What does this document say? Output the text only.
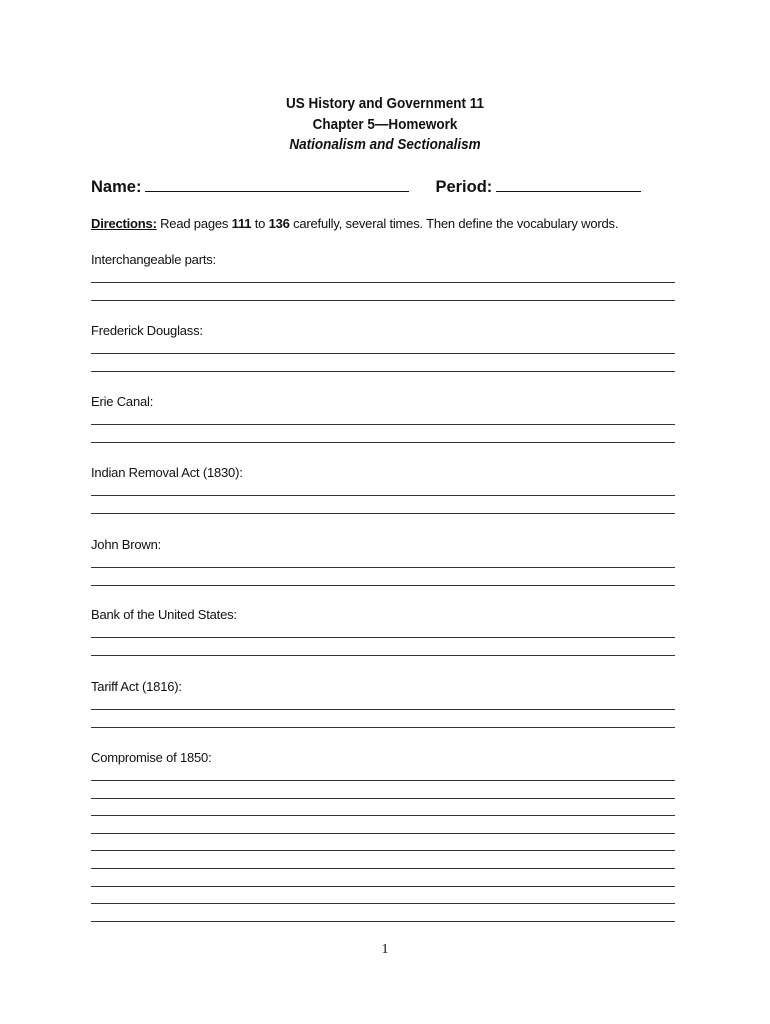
US History and Government 11
Chapter 5—Homework
Nationalism and Sectionalism
Name:	Period:
Directions: Read pages 111 to 136 carefully, several times. Then define the vocabulary words.
Interchangeable parts:
Frederick Douglass:
Erie Canal:
Indian Removal Act (1830):
John Brown:
Bank of the United States:
Tariff Act (1816):
Compromise of 1850:
1
